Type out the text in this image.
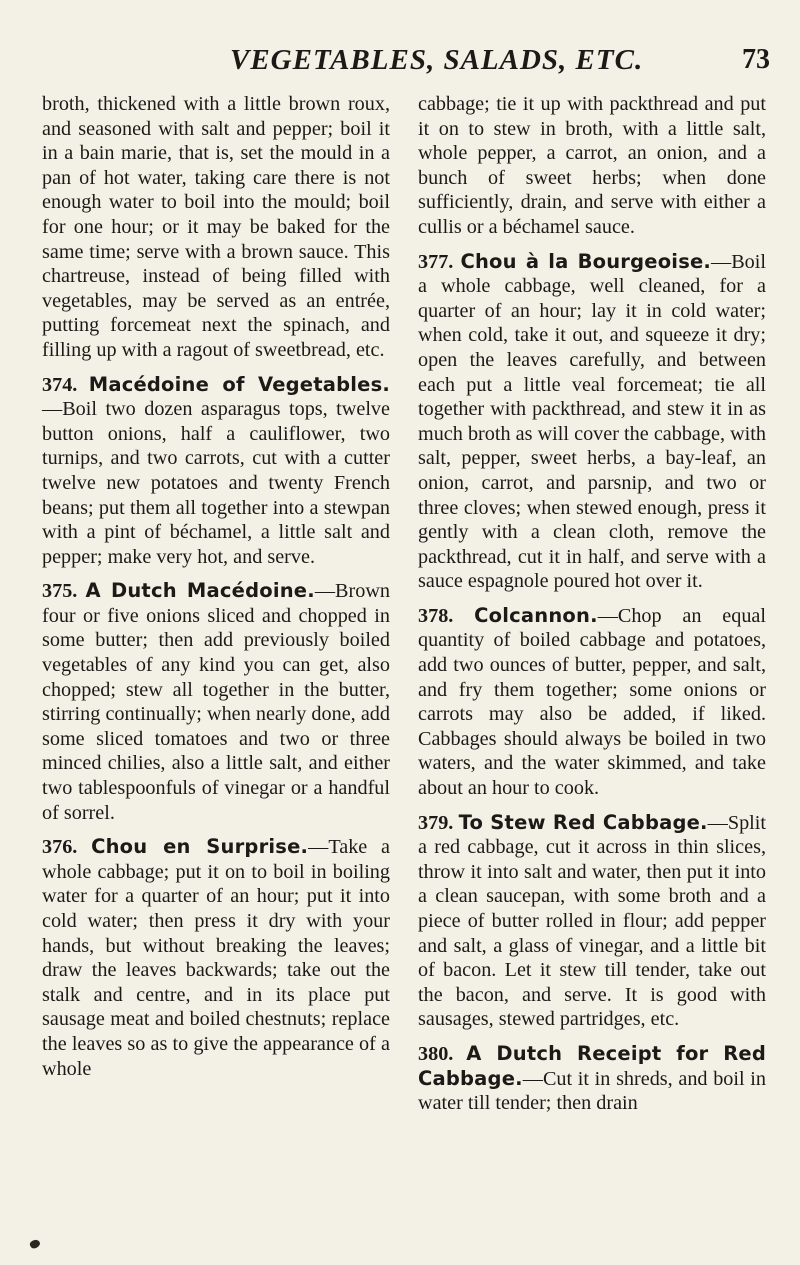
VEGETABLES, SALADS, ETC.	73

broth, thickened with a little brown roux, and seasoned with salt and pepper; boil it in a bain marie, that is, set the mould in a pan of hot water, taking care there is not enough water to boil into the mould; boil for one hour; or it may be baked for the same time; serve with a brown sauce. This chartreuse, instead of being filled with vegetables, may be served as an entrée, putting forcemeat next the spinach, and filling up with a ragout of sweetbread, etc.

374. Macédoine of Vegetables.—Boil two dozen asparagus tops, twelve button onions, half a cauliflower, two turnips, and two carrots, cut with a cutter twelve new potatoes and twenty French beans; put them all together into a stewpan with a pint of béchamel, a little salt and pepper; make very hot, and serve.

375. A Dutch Macédoine.—Brown four or five onions sliced and chopped in some butter; then add previously boiled vegetables of any kind you can get, also chopped; stew all together in the butter, stirring continually; when nearly done, add some sliced tomatoes and two or three minced chilies, also a little salt, and either two tablespoonfuls of vinegar or a handful of sorrel.

376. Chou en Surprise.—Take a whole cabbage; put it on to boil in boiling water for a quarter of an hour; put it into cold water; then press it dry with your hands, but without breaking the leaves; draw the leaves backwards; take out the stalk and centre, and in its place put sausage meat and boiled chestnuts; replace the leaves so as to give the appearance of a whole

cabbage; tie it up with packthread and put it on to stew in broth, with a little salt, whole pepper, a carrot, an onion, and a bunch of sweet herbs; when done sufficiently, drain, and serve with either a cullis or a béchamel sauce.

377. Chou à la Bourgeoise.—Boil a whole cabbage, well cleaned, for a quarter of an hour; lay it in cold water; when cold, take it out, and squeeze it dry; open the leaves carefully, and between each put a little veal forcemeat; tie all together with packthread, and stew it in as much broth as will cover the cabbage, with salt, pepper, sweet herbs, a bay-leaf, an onion, carrot, and parsnip, and two or three cloves; when stewed enough, press it gently with a clean cloth, remove the packthread, cut it in half, and serve with a sauce espagnole poured hot over it.

378. Colcannon.—Chop an equal quantity of boiled cabbage and potatoes, add two ounces of butter, pepper, and salt, and fry them together; some onions or carrots may also be added, if liked. Cabbages should always be boiled in two waters, and the water skimmed, and take about an hour to cook.

379. To Stew Red Cabbage.—Split a red cabbage, cut it across in thin slices, throw it into salt and water, then put it into a clean saucepan, with some broth and a piece of butter rolled in flour; add pepper and salt, a glass of vinegar, and a little bit of bacon. Let it stew till tender, take out the bacon, and serve. It is good with sausages, stewed partridges, etc.

380. A Dutch Receipt for Red Cabbage.—Cut it in shreds, and boil in water till tender; then drain
